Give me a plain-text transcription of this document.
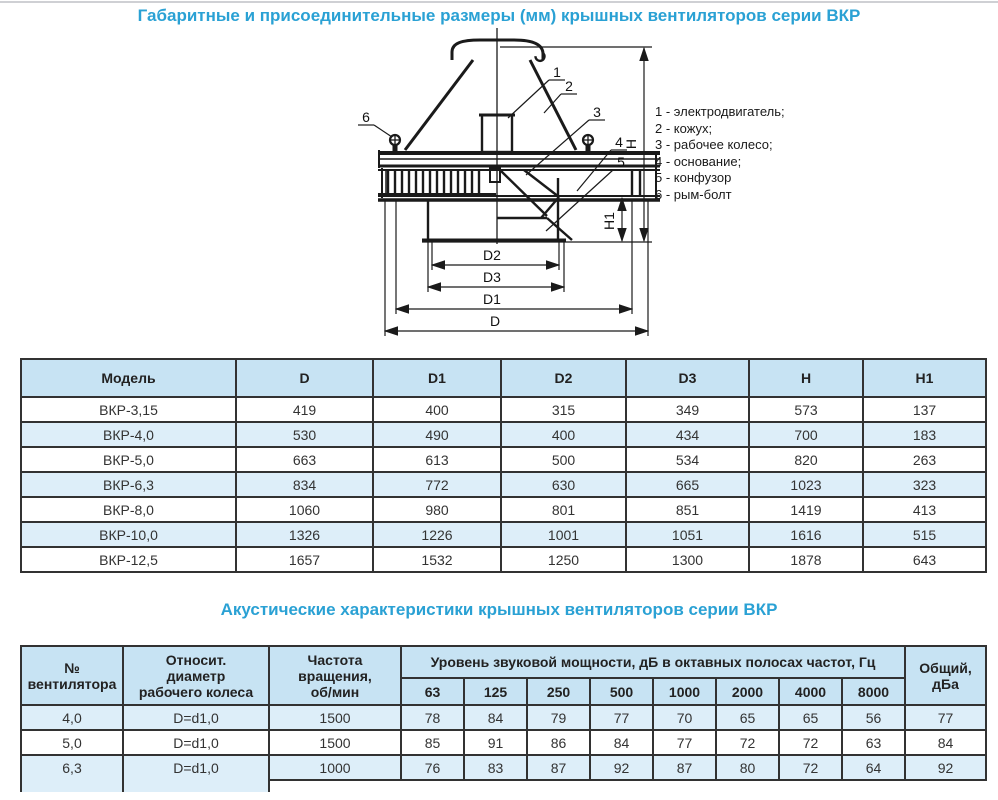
Габаритные и присоединительные размеры (мм) крышных вентиляторов серии ВКР
D2
D3
D1
D
H
H1
1
2
3
4
5
6	1 - электродвигатель;
2 - кожух;
3 - рабочее колесо;
4 - основание;
5 - конфузор
6 - рым-болт
Модель	D	D1	D2	D3	H	H1
ВКР-3,15	419	400	315	349	573	137
ВКР-4,0	530	490	400	434	700	183
ВКР-5,0	663	613	500	534	820	263
ВКР-6,3	834	772	630	665	1023	323
ВКР-8,0	1060	980	801	851	1419	413
ВКР-10,0	1326	1226	1001	1051	1616	515
ВКР-12,5	1657	1532	1250	1300	1878	643
Акустические характеристики крышных вентиляторов серии ВКР
№ вентилятора	Относит. диаметр рабочего колеса	Частота вращения, об/мин	Уровень звуковой мощности, дБ в октавных полосах частот, Гц								Общий, дБа
			63	125	250	500	1000	2000	4000	8000	
4,0	D=d1,0	1500	78	84	79	77	70	65	65	56	77
5,0	D=d1,0	1500	85	91	86	84	77	72	72	63	84
6,3	D=d1,0	1000	76	83	87	92	87	80	72	64	92
